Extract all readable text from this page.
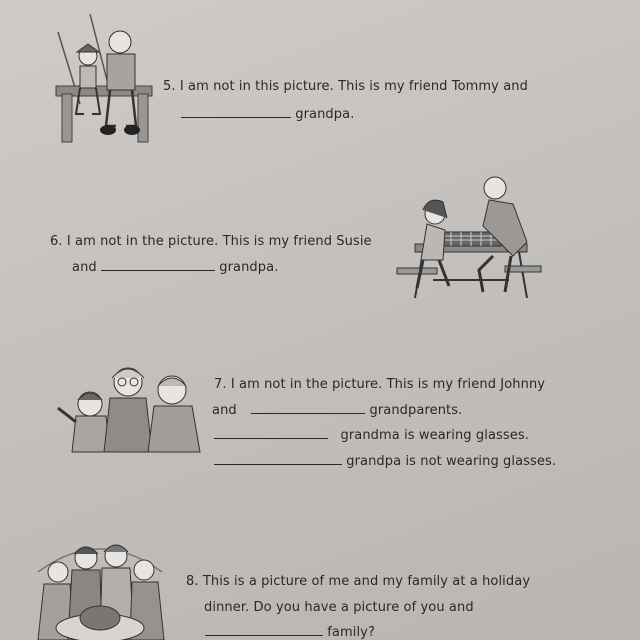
5. I am not in this picture. This is my friend Tommy and
grandpa.
6. I am not in the picture. This is my friend Susie
and	grandpa.
7. I am not in the picture. This is my friend Johnny
and	grandparents.
grandma is wearing glasses.
grandpa is not wearing glasses.
8. This is a picture of me and my family at a holiday
dinner. Do you have a picture of you and
family?
